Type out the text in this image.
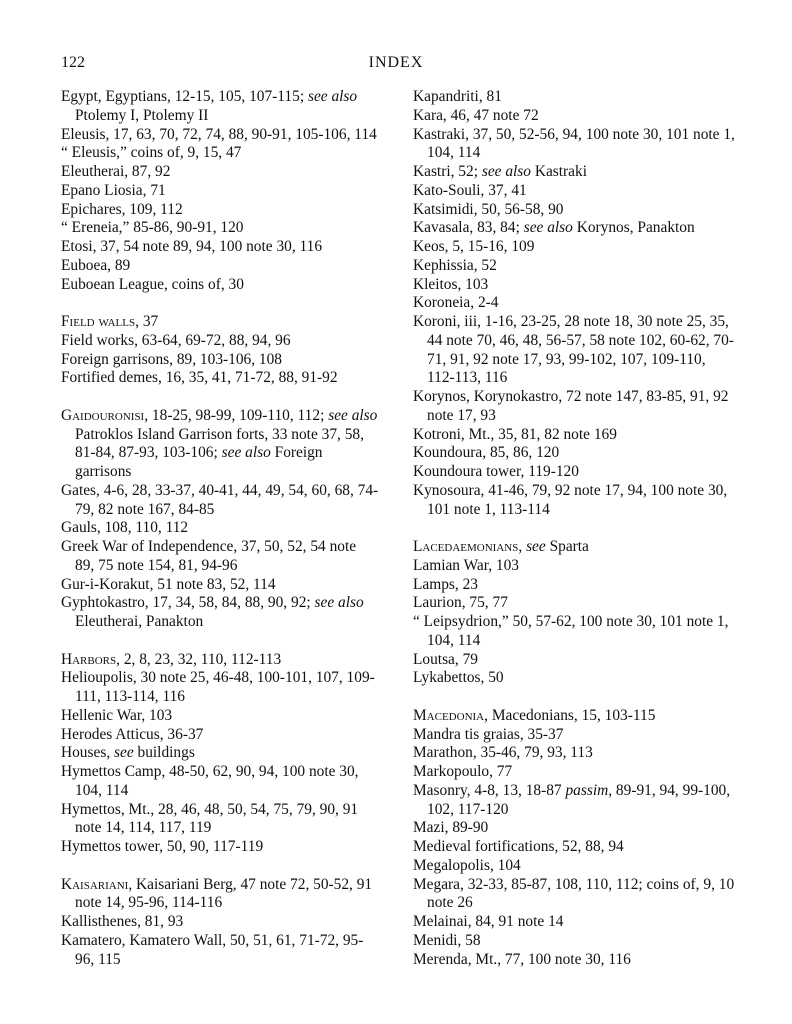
122	INDEX
Egypt, Egyptians, 12-15, 105, 107-115; see also Ptolemy I, Ptolemy II
Eleusis, 17, 63, 70, 72, 74, 88, 90-91, 105-106, 114
“ Eleusis,” coins of, 9, 15, 47
Eleutherai, 87, 92
Epano Liosia, 71
Epichares, 109, 112
“ Ereneia,” 85-86, 90-91, 120
Etosi, 37, 54 note 89, 94, 100 note 30, 116
Euboea, 89
Euboean League, coins of, 30
Field walls, 37
Field works, 63-64, 69-72, 88, 94, 96
Foreign garrisons, 89, 103-106, 108
Fortified demes, 16, 35, 41, 71-72, 88, 91-92
Gaidouronisi, 18-25, 98-99, 109-110, 112; see also Patroklos Island Garrison forts, 33 note 37, 58, 81-84, 87-93, 103-106; see also Foreign garrisons
Gates, 4-6, 28, 33-37, 40-41, 44, 49, 54, 60, 68, 74-79, 82 note 167, 84-85
Gauls, 108, 110, 112
Greek War of Independence, 37, 50, 52, 54 note 89, 75 note 154, 81, 94-96
Gur-i-Korakut, 51 note 83, 52, 114
Gyphtokastro, 17, 34, 58, 84, 88, 90, 92; see also Eleutherai, Panakton
Harbors, 2, 8, 23, 32, 110, 112-113
Helioupolis, 30 note 25, 46-48, 100-101, 107, 109-111, 113-114, 116
Hellenic War, 103
Herodes Atticus, 36-37
Houses, see buildings
Hymettos Camp, 48-50, 62, 90, 94, 100 note 30, 104, 114
Hymettos, Mt., 28, 46, 48, 50, 54, 75, 79, 90, 91 note 14, 114, 117, 119
Hymettos tower, 50, 90, 117-119
Kaisariani, Kaisariani Berg, 47 note 72, 50-52, 91 note 14, 95-96, 114-116
Kallisthenes, 81, 93
Kamatero, Kamatero Wall, 50, 51, 61, 71-72, 95-96, 115
Kapandriti, 81
Kara, 46, 47 note 72
Kastraki, 37, 50, 52-56, 94, 100 note 30, 101 note 1, 104, 114
Kastri, 52; see also Kastraki
Kato-Souli, 37, 41
Katsimidi, 50, 56-58, 90
Kavasala, 83, 84; see also Korynos, Panakton
Keos, 5, 15-16, 109
Kephissia, 52
Kleitos, 103
Koroneia, 2-4
Koroni, iii, 1-16, 23-25, 28 note 18, 30 note 25, 35, 44 note 70, 46, 48, 56-57, 58 note 102, 60-62, 70-71, 91, 92 note 17, 93, 99-102, 107, 109-110, 112-113, 116
Korynos, Korynokastro, 72 note 147, 83-85, 91, 92 note 17, 93
Kotroni, Mt., 35, 81, 82 note 169
Koundoura, 85, 86, 120
Koundoura tower, 119-120
Kynosoura, 41-46, 79, 92 note 17, 94, 100 note 30, 101 note 1, 113-114
Lacedaemonians, see Sparta
Lamian War, 103
Lamps, 23
Laurion, 75, 77
“ Leipsydrion,” 50, 57-62, 100 note 30, 101 note 1, 104, 114
Loutsa, 79
Lykabettos, 50
Macedonia, Macedonians, 15, 103-115
Mandra tis graias, 35-37
Marathon, 35-46, 79, 93, 113
Markopoulo, 77
Masonry, 4-8, 13, 18-87 passim, 89-91, 94, 99-100, 102, 117-120
Mazi, 89-90
Medieval fortifications, 52, 88, 94
Megalopolis, 104
Megara, 32-33, 85-87, 108, 110, 112; coins of, 9, 10 note 26
Melainai, 84, 91 note 14
Menidi, 58
Merenda, Mt., 77, 100 note 30, 116
